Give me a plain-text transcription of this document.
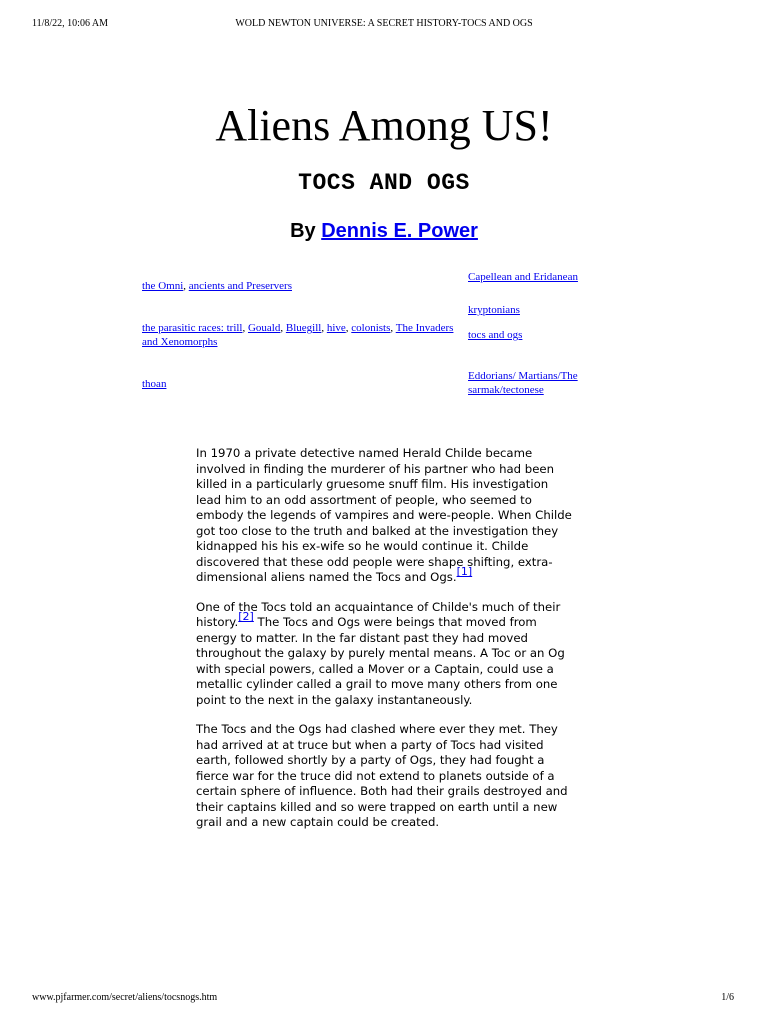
11/8/22, 10:06 AM	WOLD NEWTON UNIVERSE: A SECRET HISTORY-TOCS AND OGS
Aliens Among US!
TOCS AND OGS
By Dennis E. Power
the Omni, ancients and Preservers
the parasitic races: trill, Gouald, Bluegill, hive, colonists, The Invaders and Xenomorphs
thoan
Capellean and Eridanean
kryptonians
tocs and ogs
Eddorians/ Martians/The sarmak/tectonese

In 1970 a private detective named Herald Childe became involved in finding the murderer of his partner who had been killed in a particularly gruesome snuff film. His investigation lead him to an odd assortment of people, who seemed to embody the legends of vampires and were-people. When Childe got too close to the truth and balked at the investigation they kidnapped his his ex-wife so he would continue it. Childe discovered that these odd people were shape shifting, extra-dimensional aliens named the Tocs and Ogs.[1]

One of the Tocs told an acquaintance of Childe's much of their history.[2] The Tocs and Ogs were beings that moved from energy to matter. In the far distant past they had moved throughout the galaxy by purely mental means. A Toc or an Og with special powers, called a Mover or a Captain, could use a metallic cylinder called a grail to move many others from one point to the next in the galaxy instantaneously.

The Tocs and the Ogs had clashed where ever they met. They had arrived at at truce but when a party of Tocs had visited earth, followed shortly by a party of Ogs, they had fought a fierce war for the truce did not extend to planets outside of a certain sphere of influence. Both had their grails destroyed and their captains killed and so were trapped on earth until a new grail and a new captain could be created.

www.pjfarmer.com/secret/aliens/tocsnogs.htm	1/6
